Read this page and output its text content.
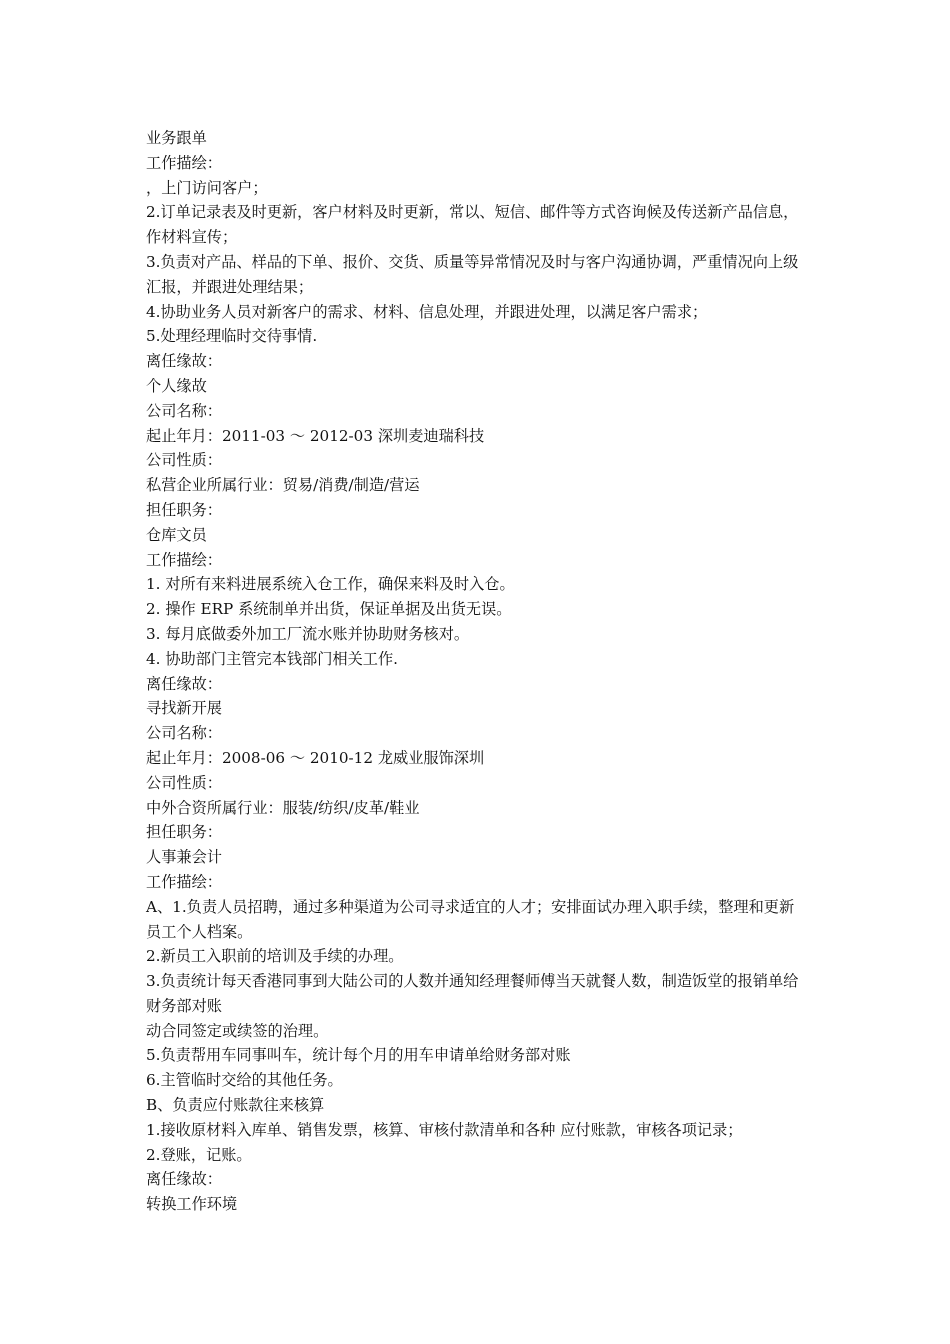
业务跟单

工作描绘：

，上门访问客户；

2.订单记录表及时更新，客户材料及时更新，常以、短信、邮件等方式咨询候及传送新产品信息，作材料宣传；

3.负责对产品、样品的下单、报价、交货、质量等异常情况及时与客户沟通协调，严重情况向上级汇报，并跟进处理结果；

4.协助业务人员对新客户的需求、材料、信息处理，并跟进处理，以满足客户需求；

5.处理经理临时交待事情.

离任缘故：

个人缘故

公司名称：

起止年月：2011-03 ～ 2012-03 深圳麦迪瑞科技

公司性质：

私营企业所属行业：贸易/消费/制造/营运

担任职务：

仓库文员

工作描绘：

1. 对所有来料进展系统入仓工作，确保来料及时入仓。

2. 操作 ERP 系统制单并出货，保证单据及出货无误。

3. 每月底做委外加工厂流水账并协助财务核对。

4. 协助部门主管完本钱部门相关工作.

离任缘故：

寻找新开展

公司名称：

起止年月：2008-06 ～ 2010-12 龙威业服饰深圳

公司性质：

中外合资所属行业：服装/纺织/皮革/鞋业

担任职务：

人事兼会计

工作描绘：

A、1.负责人员招聘，通过多种渠道为公司寻求适宜的人才；安排面试办理入职手续，整理和更新员工个人档案。

2.新员工入职前的培训及手续的办理。

3.负责统计每天香港同事到大陆公司的人数并通知经理餐师傅当天就餐人数，制造饭堂的报销单给财务部对账

动合同签定或续签的治理。

5.负责帮用车同事叫车，统计每个月的用车申请单给财务部对账

6.主管临时交给的其他任务。

B、负责应付账款往来核算

1.接收原材料入库单、销售发票，核算、审核付款清单和各种 应付账款，审核各项记录；

2.登账，记账。

离任缘故：

转换工作环境
